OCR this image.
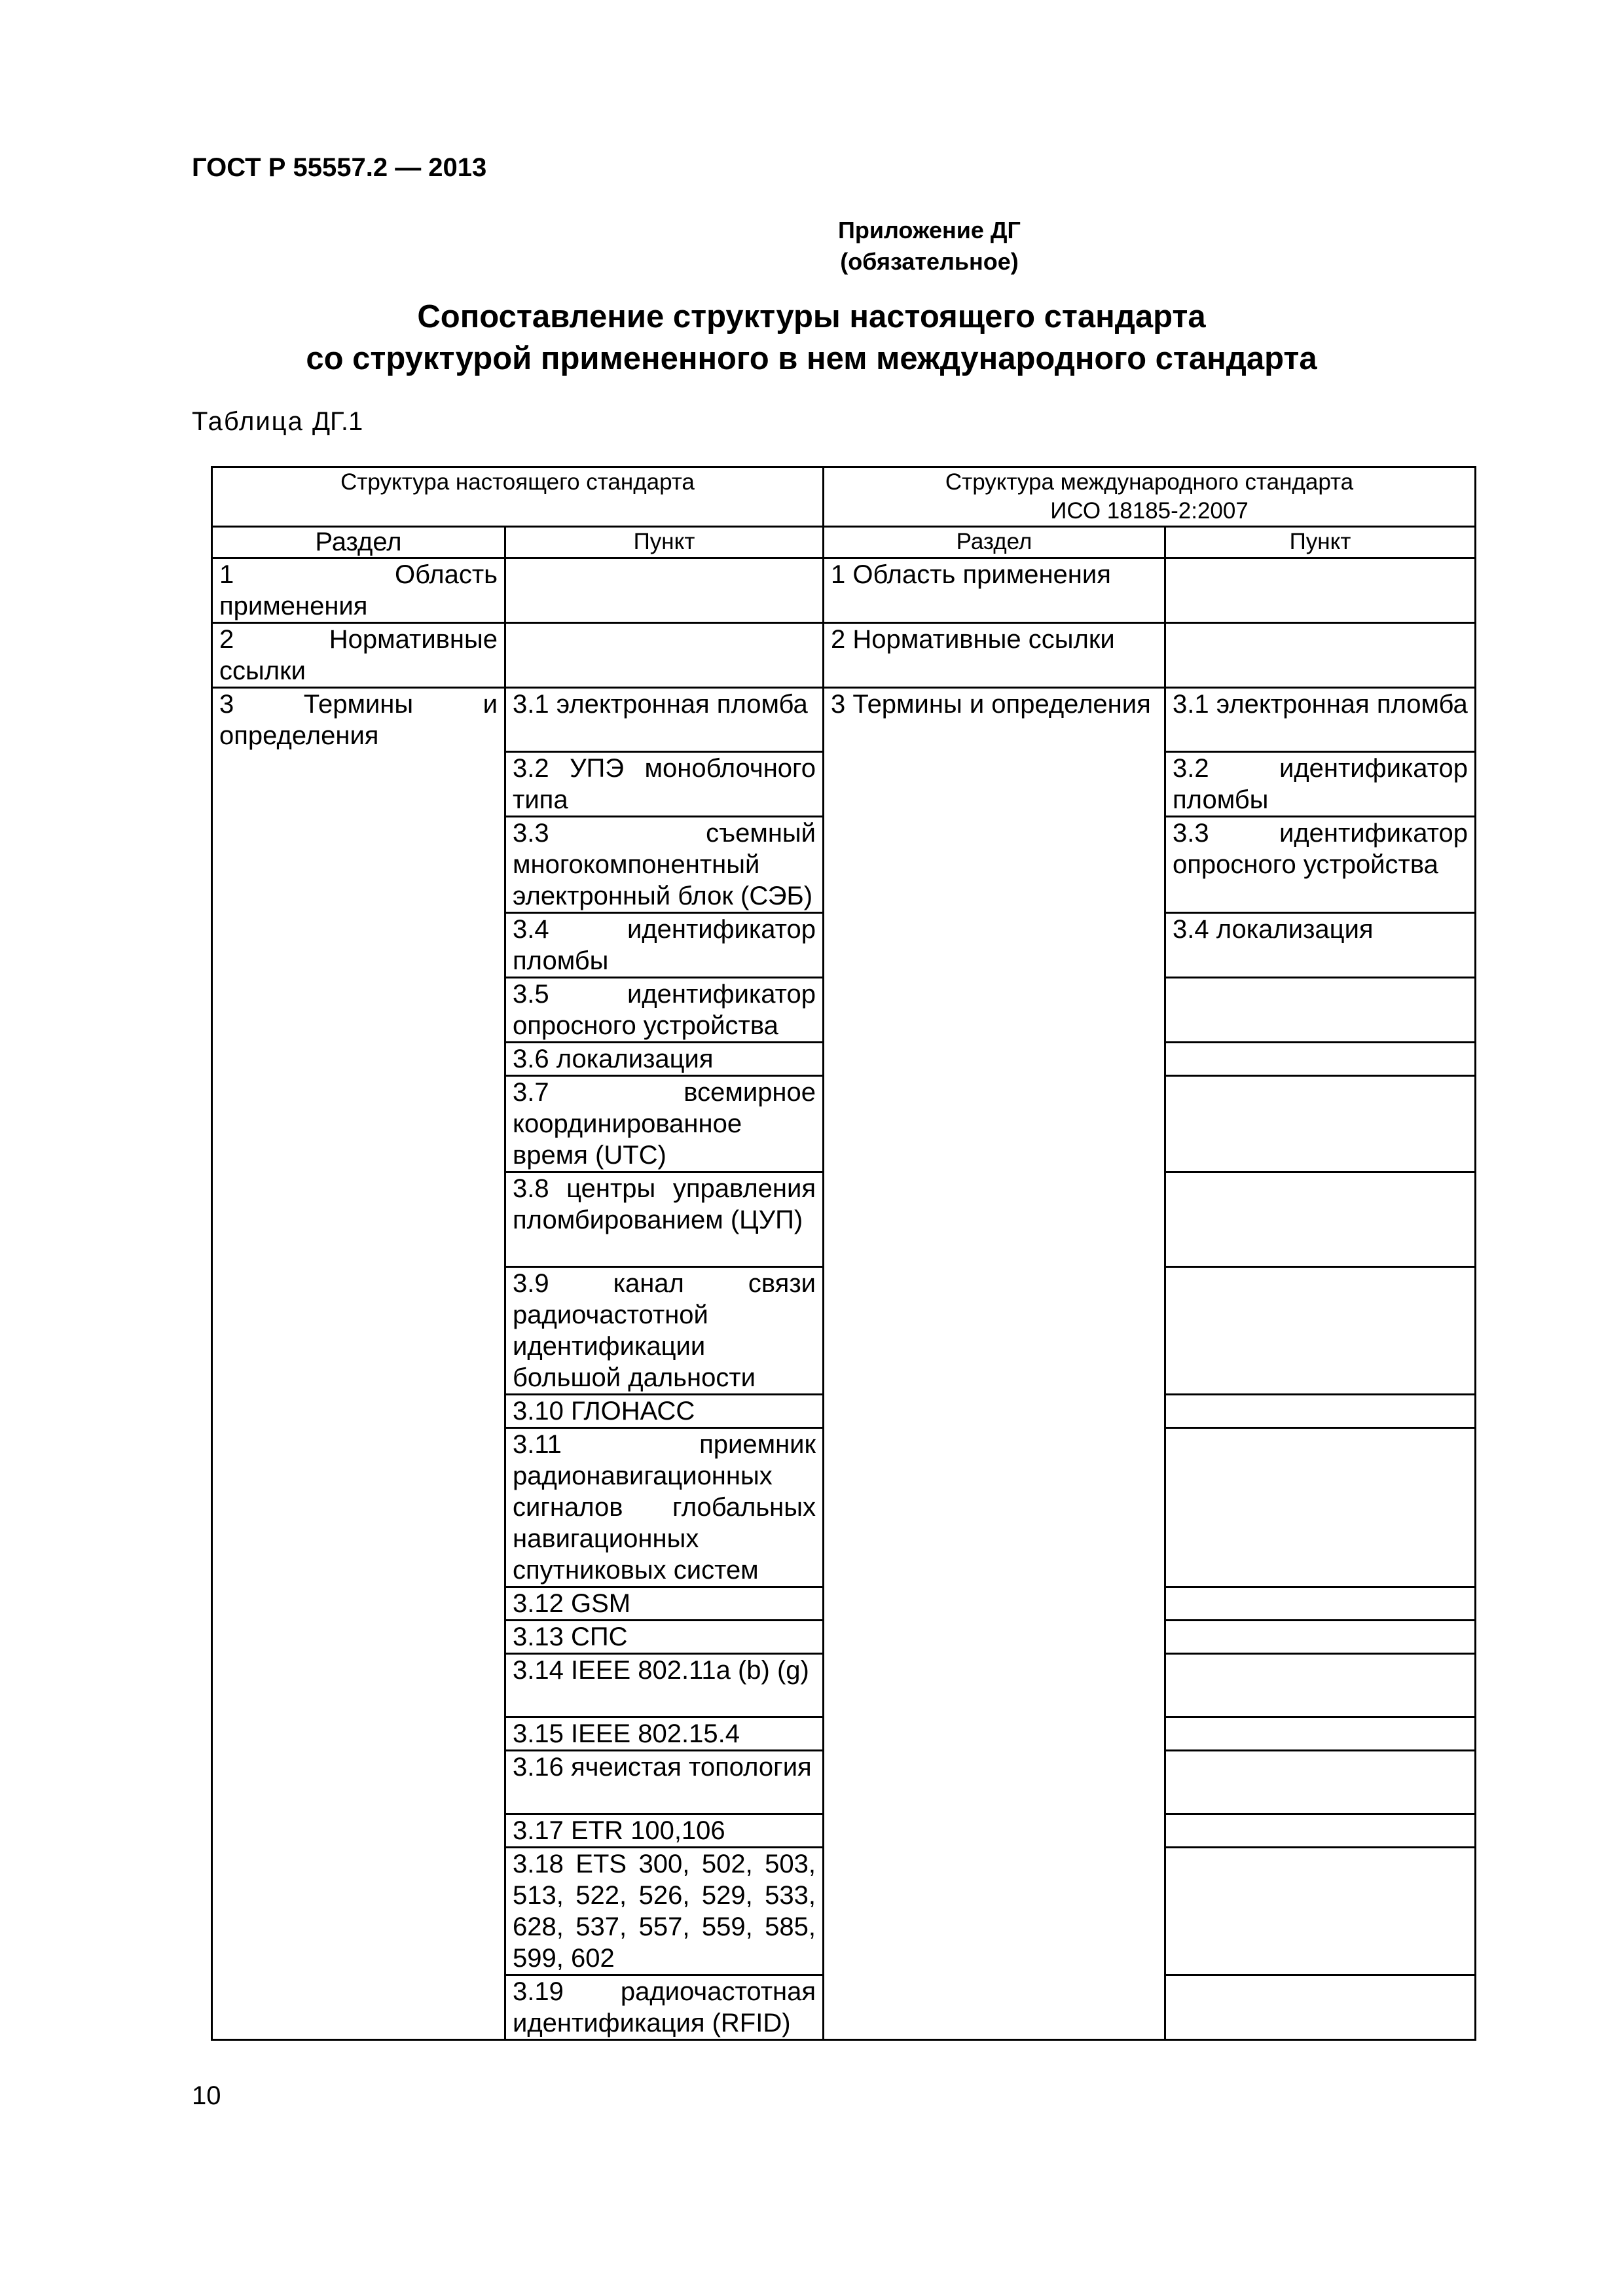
ГОСТ Р 55557.2 — 2013
Приложение ДГ
(обязательное)
Сопоставление структуры настоящего стандарта
со структурой примененного в нем международного стандарта
Таблица ДГ.1
Структура настоящего стандарта		Структура международного стандарта
ИСО 18185-2:2007	

Раздел	Пункт	Раздел	Пункт
1 Область применения		1 Область применения	
2 Нормативные ссылки		2 Нормативные ссылки	
3 Термины и определения	3.1 электронная пломба	3 Термины и определения	3.1 электронная пломба
	3.2 УПЭ моноблочного типа		3.2 идентификатор пломбы
	3.3 съемный многокомпонентный электронный блок (СЭБ)		3.3 идентификатор опросного устройства
	3.4 идентификатор пломбы		3.4 локализация
	3.5 идентификатор опросного устройства		
	3.6 локализация		
	3.7 всемирное координированное время (UTC)		
	3.8 центры управления пломбированием (ЦУП)		
	3.9 канал связи радиочастотной идентификации большой дальности		
	3.10 ГЛОНАСС		
	3.11 приемник радионавигационных сигналов глобальных навигационных спутниковых систем		
	3.12 GSM		
	3.13 СПС		
	3.14 IEEE 802.11a (b) (g)		
	3.15 IEEE 802.15.4		
	3.16 ячеистая топология		
	3.17 ETR 100,106		
	3.18 ETS 300, 502, 503, 513, 522, 526, 529, 533, 628, 537, 557, 559, 585, 599, 602		
	3.19 радиочастотная идентификация (RFID)		
10
